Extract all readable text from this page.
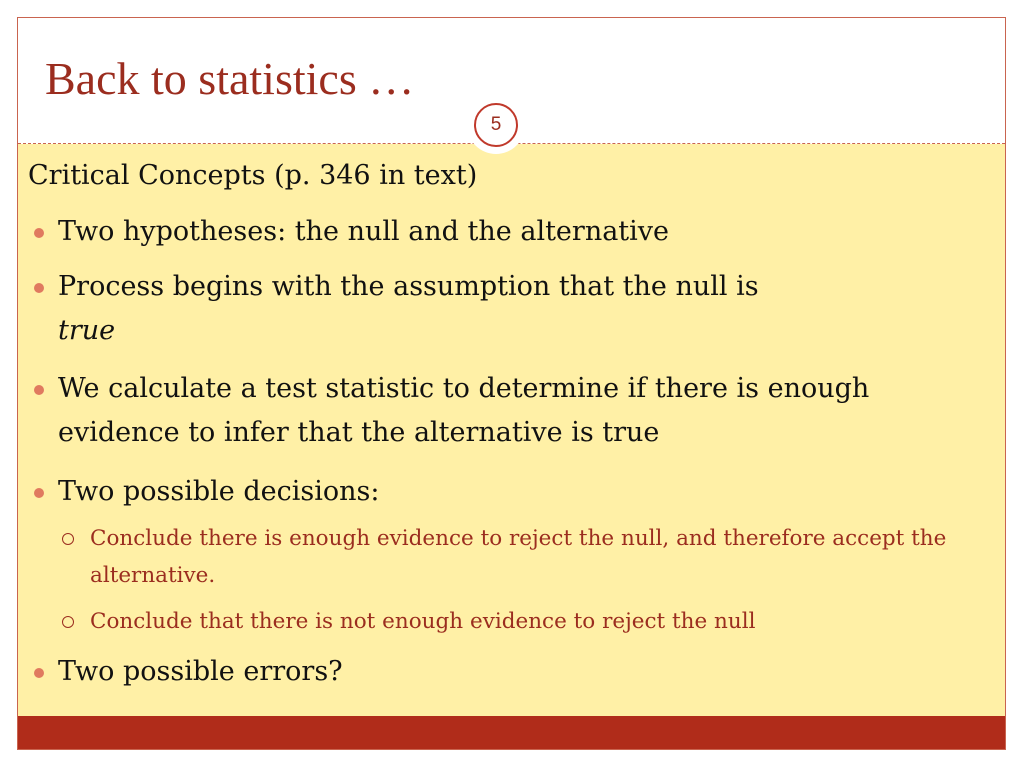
Back to statistics …
5

Critical Concepts (p. 346 in text)

Two hypotheses: the null and the alternative
Process begins with the assumption that the null is
true
We calculate a test statistic to determine if there is enough evidence to infer that the alternative is true
Two possible decisions:
Conclude there is enough evidence to reject the null, and therefore accept the alternative.
Conclude that there is not enough evidence to reject the null
Two possible errors?
